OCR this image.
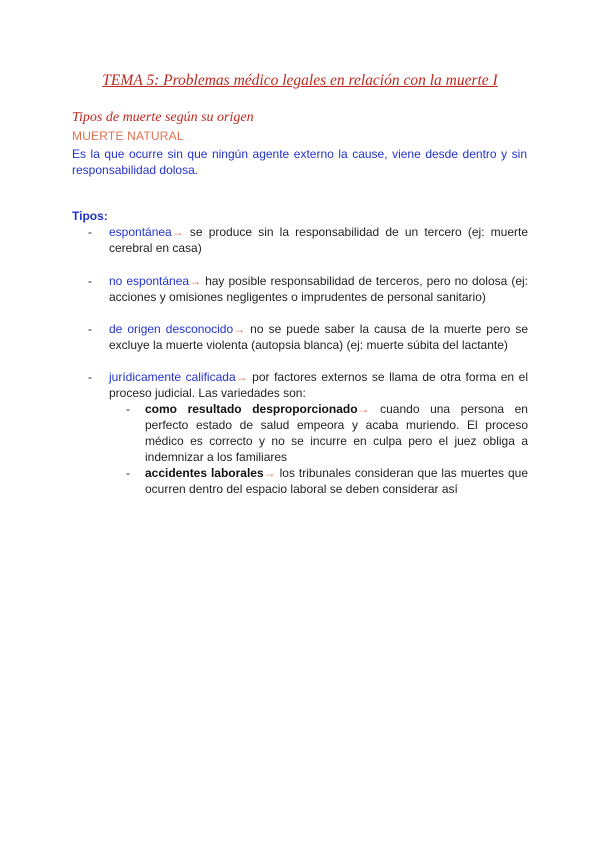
TEMA 5: Problemas médico legales en relación con la muerte I
Tipos de muerte según su origen
MUERTE NATURAL
Es la que ocurre sin que ningún agente externo la cause, viene desde dentro y sin responsabilidad dolosa.
Tipos:
- espontánea→ se produce sin la responsabilidad de un tercero (ej: muerte cerebral en casa)
- no espontánea→ hay posible responsabilidad de terceros, pero no dolosa (ej: acciones y omisiones negligentes o imprudentes de personal sanitario)
- de origen desconocido→ no se puede saber la causa de la muerte pero se excluye la muerte violenta (autopsia blanca) (ej: muerte súbita del lactante)
- jurídicamente calificada→ por factores externos se llama de otra forma en el proceso judicial. Las variedades son:
- como resultado desproporcionado→ cuando una persona en perfecto estado de salud empeora y acaba muriendo. El proceso médico es correcto y no se incurre en culpa pero el juez obliga a indemnizar a los familiares
- accidentes laborales→ los tribunales consideran que las muertes que ocurren dentro del espacio laboral se deben considerar así
